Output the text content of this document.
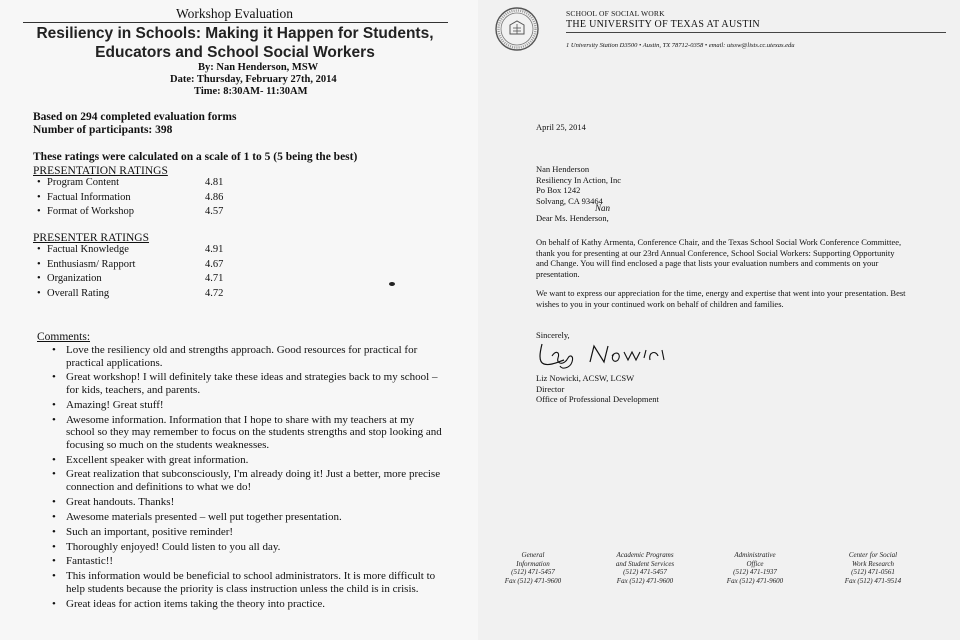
Workshop Evaluation
Resiliency in Schools: Making it Happen for Students,
Educators and School Social Workers
By: Nan Henderson, MSW
Date: Thursday, February 27th, 2014
Time: 8:30AM- 11:30AM
Based on 294 completed evaluation forms
Number of participants: 398
These ratings were calculated on a scale of 1 to 5 (5 being the best)
PRESENTATION RATINGS
• Program Content	4.81
• Factual Information	4.86
• Format of Workshop	4.57
PRESENTER RATINGS
• Factual Knowledge	4.91
• Enthusiasm/ Rapport	4.67
• Organization	4.71
• Overall Rating	4.72
Comments:
• Love the resiliency old and strengths approach. Good resources for practical for practical applications.
• Great workshop! I will definitely take these ideas and strategies back to my school – for kids, teachers, and parents.
• Amazing! Great stuff!
• Awesome information. Information that I hope to share with my teachers at my school so they may remember to focus on the students strengths and stop looking and focusing so much on the students weaknesses.
• Excellent speaker with great information.
• Great realization that subconsciously, I'm already doing it! Just a better, more precise connection and definitions to what we do!
• Great handouts. Thanks!
• Awesome materials presented – well put together presentation.
• Such an important, positive reminder!
• Thoroughly enjoyed! Could listen to you all day.
• Fantastic!!
• This information would be beneficial to school administrators. It is more difficult to help students because the priority is class instruction unless the child is in crisis.
• Great ideas for action items taking the theory into practice.
SCHOOL OF SOCIAL WORK
THE UNIVERSITY OF TEXAS AT AUSTIN
1 University Station D3500 • Austin, TX 78712-0358 • email: utssw@lists.cc.utexas.edu
April 25, 2014
Nan Henderson
Resiliency In Action, Inc
Po Box 1242
Solvang, CA 93464
Nan
Dear Ms. Henderson,
On behalf of Kathy Armenta, Conference Chair, and the Texas School Social Work Conference Committee, thank you for presenting at our 23rd Annual Conference, School Social Workers: Supporting Opportunity and Change. You will find enclosed a page that lists your evaluation numbers and comments on your presentation.
We want to express our appreciation for the time, energy and expertise that went into your presentation. Best wishes to you in your continued work on behalf of children and families.
Sincerely,
Liz Nowicki, ACSW, LCSW
Director
Office of Professional Development
General
Information
(512) 471-5457
Fax (512) 471-9600
Academic Programs
and Student Services
(512) 471-5457
Fax (512) 471-9600
Administrative
Office
(512) 471-1937
Fax (512) 471-9600
Center for Social
Work Research
(512) 471-0561
Fax (512) 471-9514
